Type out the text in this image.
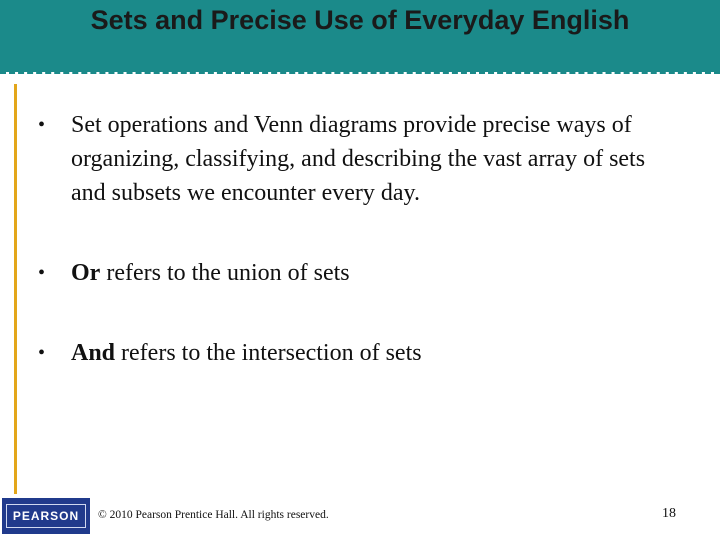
Sets and Precise Use of Everyday English
• Set operations and Venn diagrams provide precise ways of organizing, classifying, and describing the vast array of sets and subsets we encounter every day.
• Or refers to the union of sets
• And refers to the intersection of sets
PEARSON	© 2010 Pearson Prentice Hall. All rights reserved.	18
